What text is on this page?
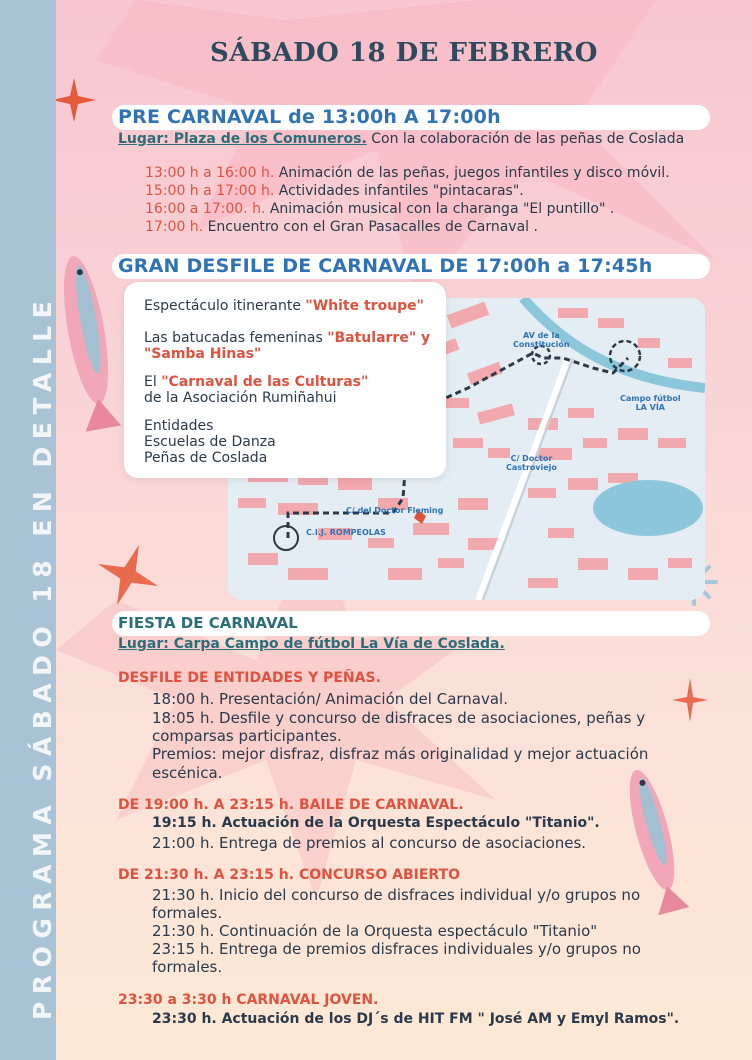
PROGRAMA SÁBADO 18 EN DETALLE
SÁBADO 18 DE FEBRERO
PRE CARNAVAL de 13:00h A 17:00h
Lugar: Plaza de los Comuneros. Con la colaboración de las peñas de Coslada
13:00 h a 16:00 h. Animación de las peñas, juegos infantiles y disco móvil.
15:00 h a 17:00 h. Actividades infantiles "pintacaras".
16:00 a 17:00. h. Animación musical con la charanga "El puntillo" .
17:00 h. Encuentro con el Gran Pasacalles de Carnaval .
GRAN DESFILE DE CARNAVAL DE 17:00h a 17:45h
AV de la
Constitución
Campo fútbol
LA VÍA
C/ Doctor
Castroviejo
C/ del Doctor Fleming
C.I.J. ROMPEOLAS
Espectáculo itinerante "White troupe"
Las batucadas femeninas "Batularre" y
"Samba Hinas"
El "Carnaval de las Culturas"
de la Asociación Rumiñahui
Entidades
Escuelas de Danza
Peñas de Coslada
FIESTA DE CARNAVAL
Lugar: Carpa Campo de fútbol La Vía de Coslada.
DESFILE DE ENTIDADES Y PEÑAS.
18:00 h. Presentación/ Animación del Carnaval.
18:05 h. Desfile y concurso de disfraces de asociaciones, peñas y
comparsas participantes.
Premios: mejor disfraz, disfraz más originalidad y mejor actuación
escénica.
DE 19:00 h. A 23:15 h. BAILE DE CARNAVAL.
19:15 h. Actuación de la Orquesta Espectáculo "Titanio".
21:00 h. Entrega de premios al concurso de asociaciones.
DE 21:30 h. A 23:15 h. CONCURSO ABIERTO
21:30 h. Inicio del concurso de disfraces individual y/o grupos no
formales.
21:30 h. Continuación de la Orquesta espectáculo "Titanio"
23:15 h. Entrega de premios disfraces individuales y/o grupos no
formales.
23:30 a 3:30 h CARNAVAL JOVEN.
23:30 h. Actuación de los DJ´s de HIT FM " José AM y Emyl Ramos".
